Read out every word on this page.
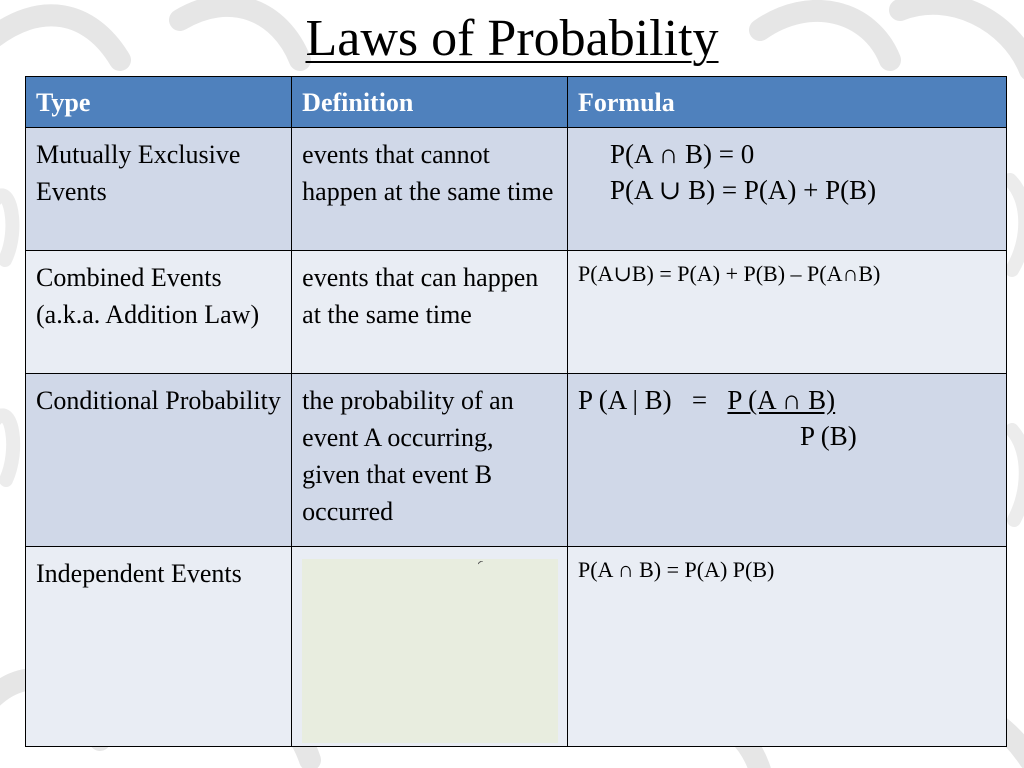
Laws of Probability
Type	Definition	Formula
Mutually Exclusive Events	events that cannot happen at the same time	P(A ∩ B) = 0
P(A ∪ B) = P(A) + P(B)

Combined Events (a.k.a. Addition Law)	events that can happen at the same time	P(A∪B) = P(A) + P(B) – P(A∩B)

Conditional Probability	the probability of an event A occurring, given that event B occurred	P (A | B)   =   P (A ∩ B)
P (B)

Independent Events		P(A ∩ B) = P(A) P(B)
